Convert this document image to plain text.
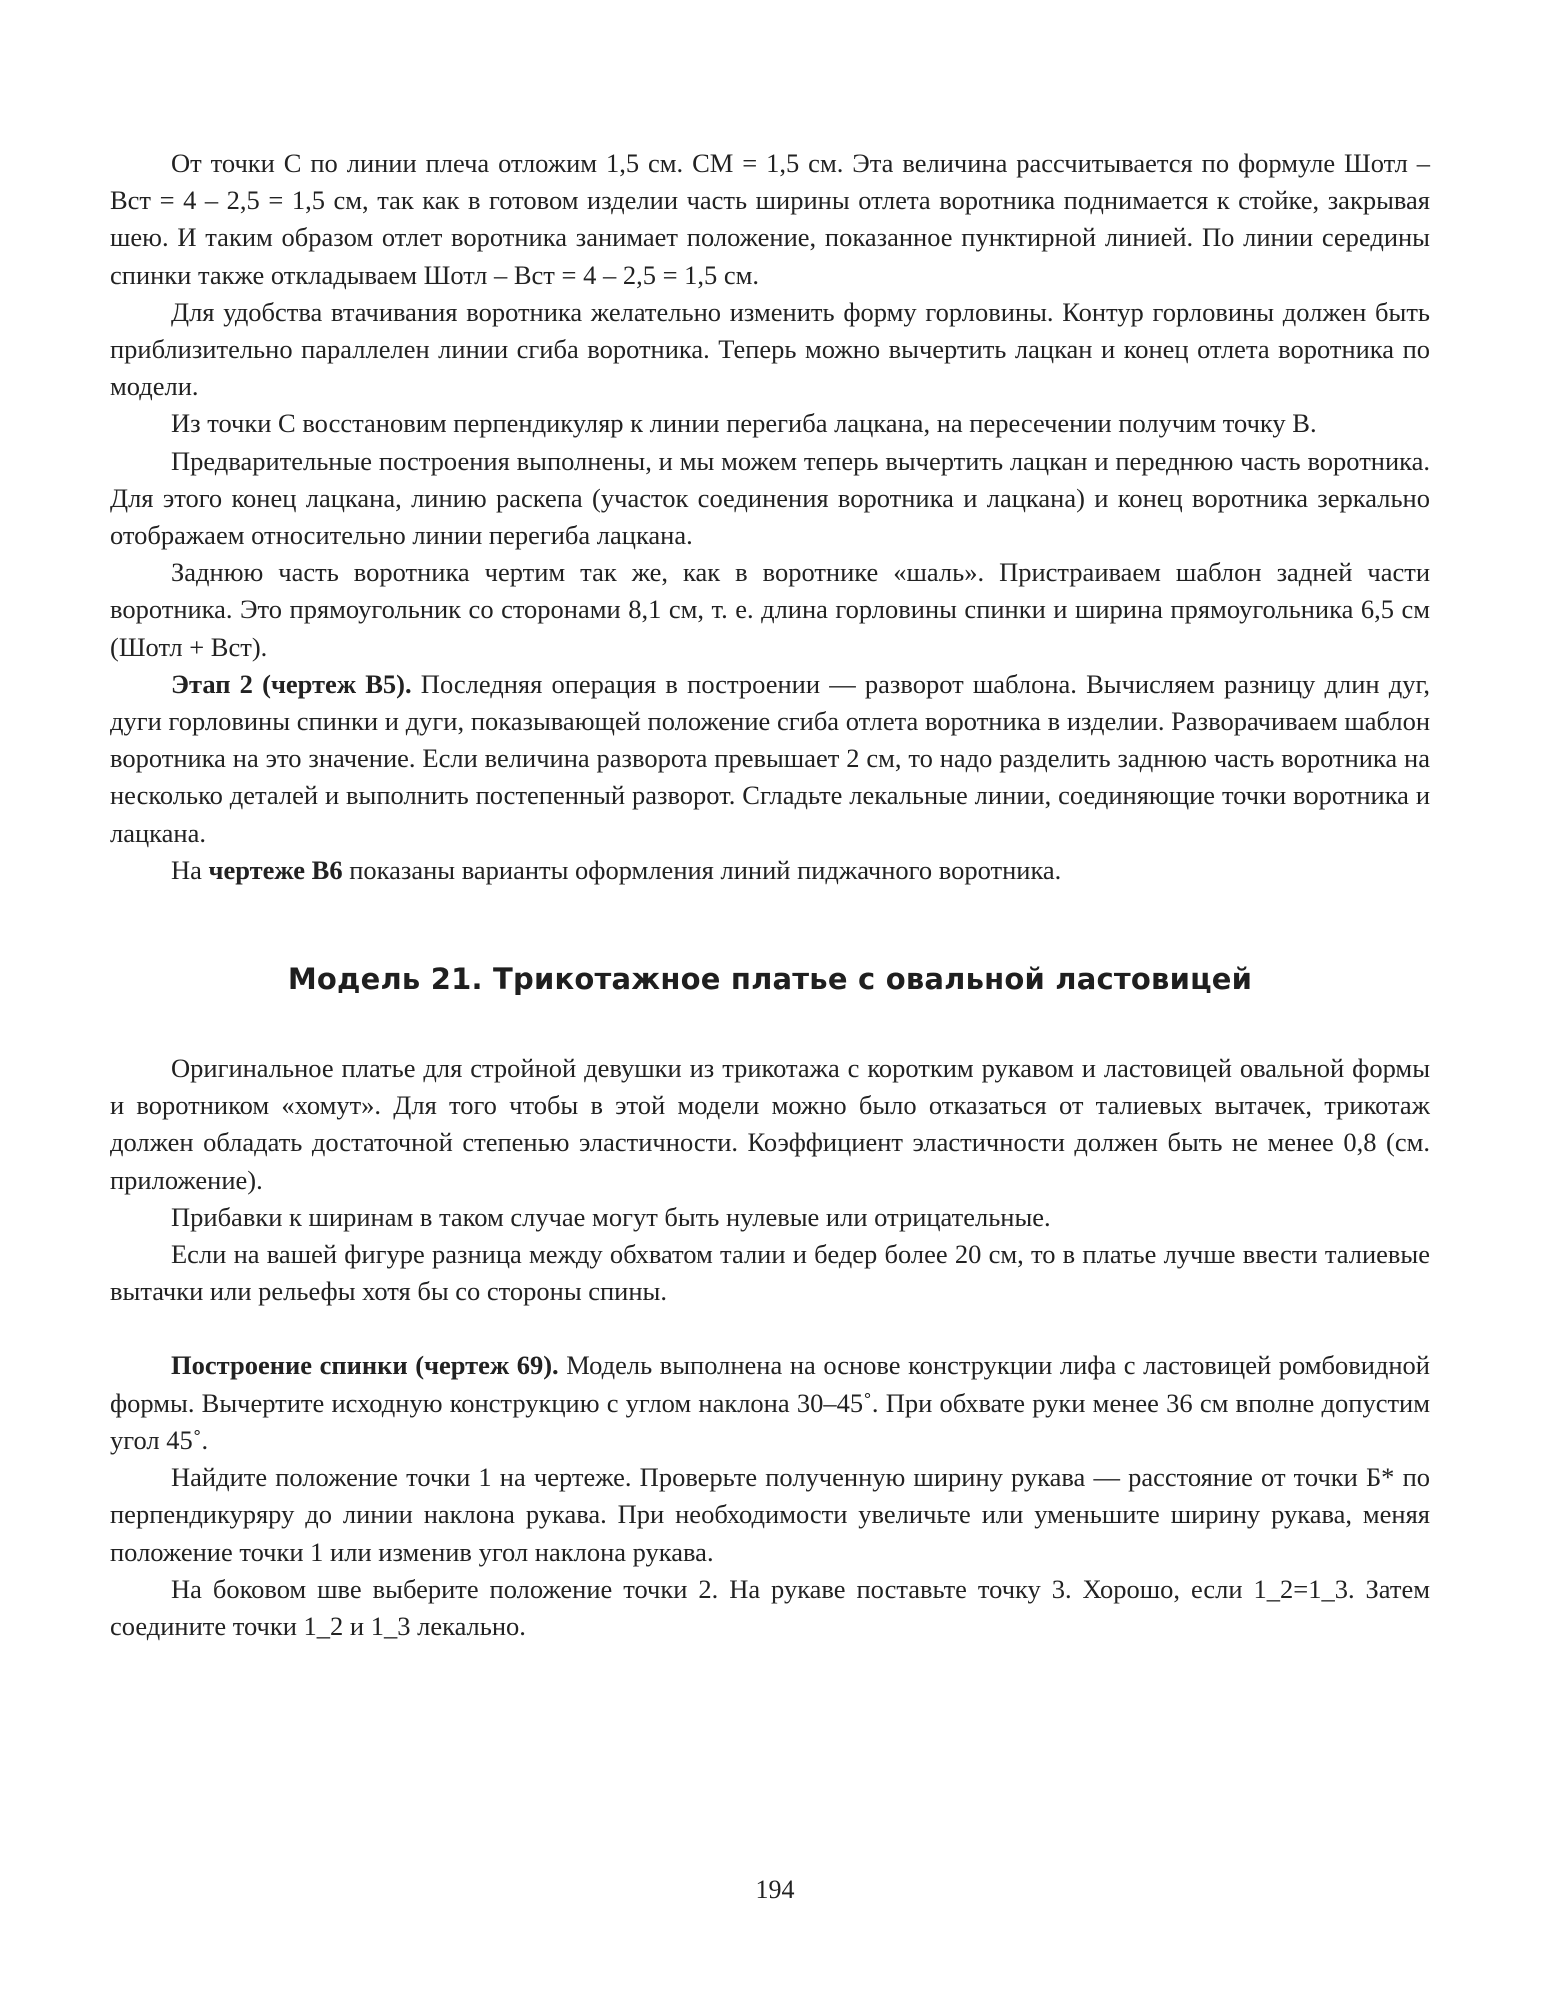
От точки С по линии плеча отложим 1,5 см. СМ = 1,5 см. Эта величина рассчитывается по формуле Шотл – Вст = 4 – 2,5 = 1,5 см, так как в готовом изделии часть ширины отлета воротника поднимается к стойке, закрывая шею. И таким образом отлет воротника занимает положение, показанное пунктирной линией. По линии середины спинки также откладываем Шотл – Вст = 4 – 2,5 = 1,5 см.

Для удобства втачивания воротника желательно изменить форму горловины. Контур горловины должен быть приблизительно параллелен линии сгиба воротника. Теперь можно вычертить лацкан и конец отлета воротника по модели.

Из точки С восстановим перпендикуляр к линии перегиба лацкана, на пересечении получим точку В.

Предварительные построения выполнены, и мы можем теперь вычертить лацкан и переднюю часть воротника. Для этого конец лацкана, линию раскепа (участок соединения воротника и лацкана) и конец воротника зеркально отображаем относительно линии перегиба лацкана.

Заднюю часть воротника чертим так же, как в воротнике «шаль». Пристраиваем шаблон задней части воротника. Это прямоугольник со сторонами 8,1 см, т. е. длина горловины спинки и ширина прямоугольника 6,5 см (Шотл + Вст).

Этап 2 (чертеж В5). Последняя операция в построении — разворот шаблона. Вычисляем разницу длин дуг, дуги горловины спинки и дуги, показывающей положение сгиба отлета воротника в изделии. Разворачиваем шаблон воротника на это значение. Если величина разворота превышает 2 см, то надо разделить заднюю часть воротника на несколько деталей и выполнить постепенный разворот. Сгладьте лекальные линии, соединяющие точки воротника и лацкана.

На чертеже В6 показаны варианты оформления линий пиджачного воротника.

Модель 21. Трикотажное платье с овальной ластовицей

Оригинальное платье для стройной девушки из трикотажа с коротким рукавом и ластовицей овальной формы и воротником «хомут». Для того чтобы в этой модели можно было отказаться от талиевых вытачек, трикотаж должен обладать достаточной степенью эластичности. Коэффициент эластичности должен быть не менее 0,8 (см. приложение).

Прибавки к ширинам в таком случае могут быть нулевые или отрицательные.

Если на вашей фигуре разница между обхватом талии и бедер более 20 см, то в платье лучше ввести талиевые вытачки или рельефы хотя бы со стороны спины.

Построение спинки (чертеж 69). Модель выполнена на основе конструкции лифа с ластовицей ромбовидной формы. Вычертите исходную конструкцию с углом наклона 30–45˚. При обхвате руки менее 36 см вполне допустим угол 45˚.

Найдите положение точки 1 на чертеже. Проверьте полученную ширину рукава — расстояние от точки Б* по перпендикуряру до линии наклона рукава. При необходимости увеличьте или уменьшите ширину рукава, меняя положение точки 1 или изменив угол наклона рукава.

На боковом шве выберите положение точки 2. На рукаве поставьте точку 3. Хорошо, если 1_2=1_3. Затем соедините точки 1_2 и 1_3 лекально.

194
